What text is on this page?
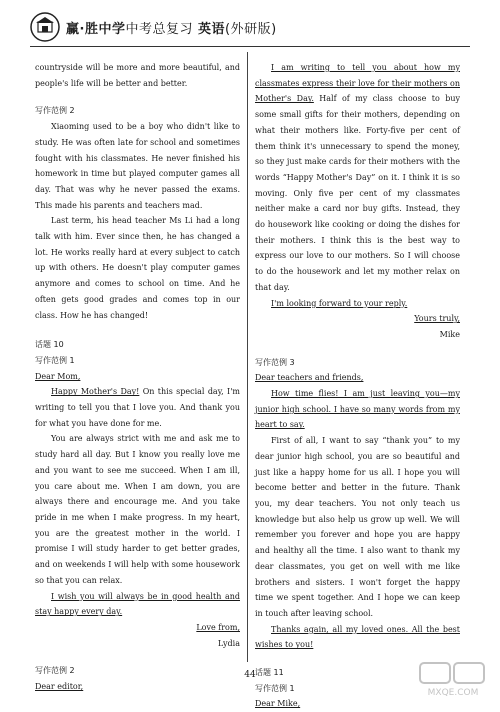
赢·胜中学中考总复习 英语(外研版)

countryside will be more and more beautiful, and people's life will be better and better.

写作范例 2

Xiaoming used to be a boy who didn't like to study. He was often late for school and sometimes fought with his classmates. He never finished his homework in time but played computer games all day. That was why he never passed the exams. This made his parents and teachers mad.

Last term, his head teacher Ms Li had a long talk with him. Ever since then, he has changed a lot. He works really hard at every subject to catch up with others. He doesn't play computer games anymore and comes to school on time. And he often gets good grades and comes top in our class. How he has changed!

话题 10
写作范例 1

Dear Mom,

Happy Mother's Day! On this special day, I'm writing to tell you that I love you. And thank you for what you have done for me.

You are always strict with me and ask me to study hard all day. But I know you really love me and you want to see me succeed. When I am ill, you care about me. When I am down, you are always there and encourage me. And you take pride in me when I make progress. In my heart, you are the greatest mother in the world. I promise I will study harder to get better grades, and on weekends I will help with some housework so that you can relax.

I wish you will always be in good health and stay happy every day.

Love from,

Lydia

写作范例 2

Dear editor,

I am writing to tell you about how my classmates express their love for their mothers on Mother's Day. Half of my class choose to buy some small gifts for their mothers, depending on what their mothers like. Forty-five per cent of them think it's unnecessary to spend the money, so they just make cards for their mothers with the words “Happy Mother's Day” on it. I think it is so moving. Only five per cent of my classmates neither make a card nor buy gifts. Instead, they do housework like cooking or doing the dishes for their mothers. I think this is the best way to express our love to our mothers. So I will choose to do the housework and let my mother relax on that day.

I'm looking forward to your reply.

Yours truly,

Mike

写作范例 3

Dear teachers and friends,

How time flies! I am just leaving you—my junior high school. I have so many words from my heart to say.

First of all, I want to say “thank you” to my dear junior high school, you are so beautiful and just like a happy home for us all. I hope you will become better and better in the future. Thank you, my dear teachers. You not only teach us knowledge but also help us grow up well. We will remember you forever and hope you are happy and healthy all the time. I also want to thank my dear classmates, you get on well with me like brothers and sisters. I won't forget the happy time we spent together. And I hope we can keep in touch after leaving school.

Thanks again, all my loved ones. All the best wishes to you!

话题 11
写作范例 1

Dear Mike,

44
MXQE.COM
